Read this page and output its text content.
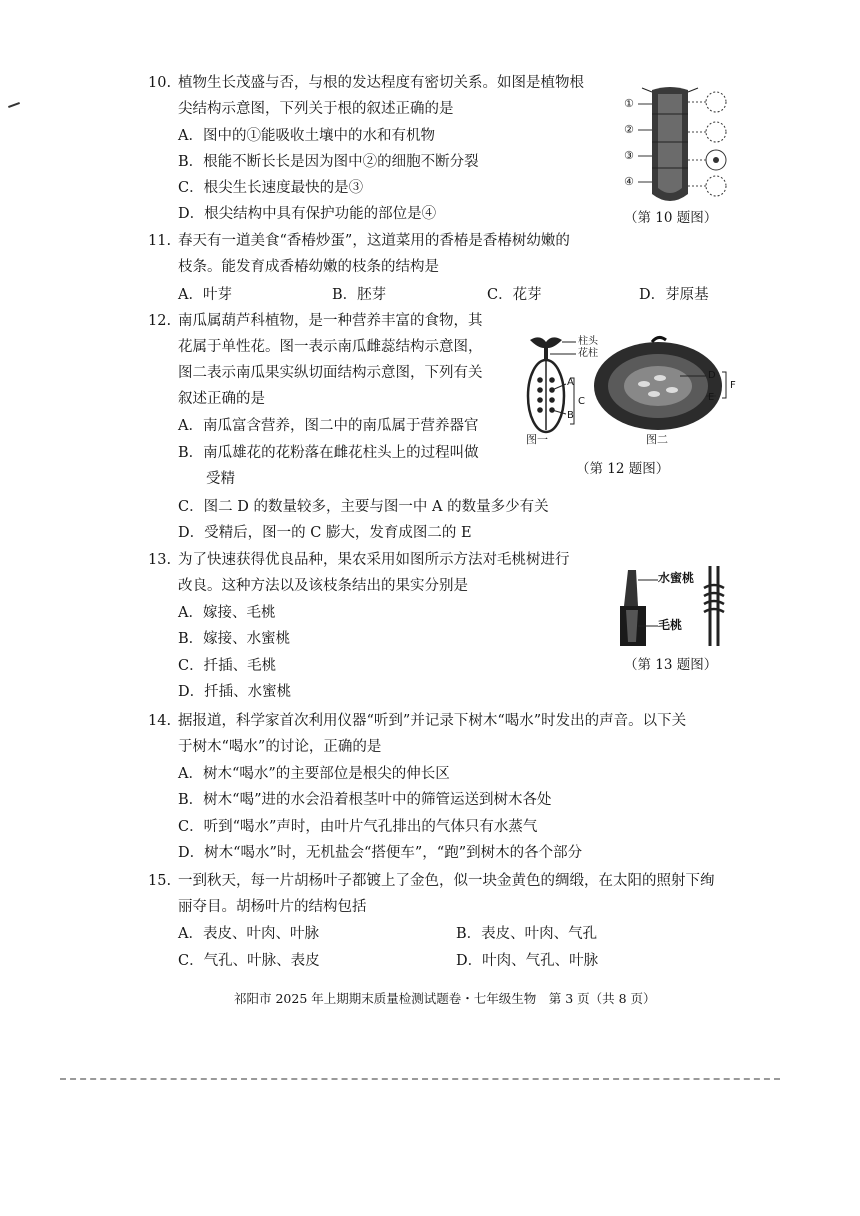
10. 植物生长茂盛与否，与根的发达程度有密切关系。如图是植物根
尖结构示意图，下列关于根的叙述正确的是
A．图中的①能吸收土壤中的水和有机物
B．根能不断长长是因为图中②的细胞不断分裂
C．根尖生长速度最快的是③
D．根尖结构中具有保护功能的部位是④
①
②
③
④
（第 10 题图）
11. 春天有一道美食“香椿炒蛋”，这道菜用的香椿是香椿树幼嫩的
枝条。能发育成香椿幼嫩的枝条的结构是
A．叶芽	B．胚芽	C．花芽	D．芽原基
12. 南瓜属葫芦科植物，是一种营养丰富的食物，其
花属于单性花。图一表示南瓜雌蕊结构示意图，
图二表示南瓜果实纵切面结构示意图，下列有关
叙述正确的是
A．南瓜富含营养，图二中的南瓜属于营养器官
B．南瓜雄花的花粉落在雌花柱头上的过程叫做
受精
C．图二 D 的数量较多，主要与图一中 A 的数量多少有关
D．受精后，图一的 C 膨大，发育成图二的 E
柱头
花柱
A
B
C
D
E
F
图一	图二
（第 12 题图）
13. 为了快速获得优良品种，果农采用如图所示方法对毛桃树进行
改良。这种方法以及该枝条结出的果实分别是
A．嫁接、毛桃
B．嫁接、水蜜桃
C．扦插、毛桃
D．扦插、水蜜桃
水蜜桃
毛桃
（第 13 题图）
14. 据报道，科学家首次利用仪器“听到”并记录下树木“喝水”时发出的声音。以下关
于树木“喝水”的讨论，正确的是
A．树木“喝水”的主要部位是根尖的伸长区
B．树木“喝”进的水会沿着根茎叶中的筛管运送到树木各处
C．听到“喝水”声时，由叶片气孔排出的气体只有水蒸气
D．树木“喝水”时，无机盐会“搭便车”，“跑”到树木的各个部分
15. 一到秋天，每一片胡杨叶子都镀上了金色，似一块金黄色的绸缎，在太阳的照射下绚
丽夺目。胡杨叶片的结构包括
A．表皮、叶肉、叶脉	B．表皮、叶肉、气孔
C．气孔、叶脉、表皮	D．叶肉、气孔、叶脉
祁阳市 2025 年上期期末质量检测试题卷・七年级生物　第 3 页（共 8 页）
